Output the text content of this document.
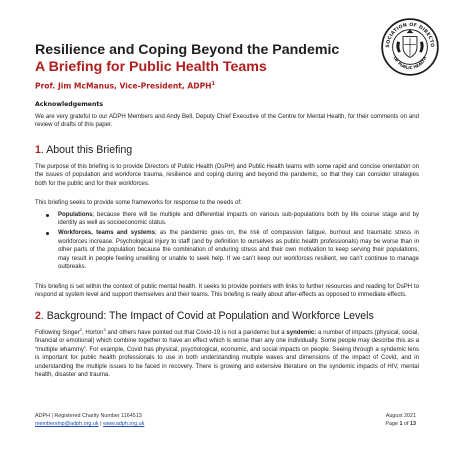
SOCIATION OF DIRECTO
OF PUBLIC HEALTH
Resilience and Coping Beyond the Pandemic
A Briefing for Public Health Teams
Prof. Jim McManus, Vice-President, ADPH$^1$
Acknowledgements

We are very grateful to our ADPH Members and Andy Bell, Deputy Chief Executive of the Centre for Mental Health, for their comments on and review of drafts of this paper.

1. About this Briefing

The purpose of this briefing is to provide Directors of Public Health (DsPH) and Public Health teams with some rapid and concise orientation on the issues of population and workforce trauma, resilience and coping during and beyond the pandemic, so that they can consider strategies both for the public and for their workforces.

This briefing seeks to provide some frameworks for response to the needs of:

Populations; because there will be multiple and differential impacts on various sub-populations both by life course stage and by identity as well as socioeconomic status.
Workforces, teams and systems; as the pandemic goes on, the risk of compassion fatigue, burnout and traumatic stress in workforces increase. Psychological injury to staff (and by definition to ourselves as public health professionals) may be worse than in other parts of the population because the combination of enduring stress and their own motivation to keep serving their populations, may result in people feeling unwilling or unable to seek help. If we can’t keep our workforces resilient, we can’t continue to manage outbreaks.

This briefing is set within the context of public mental health. It seeks to provide pointers with links to further resources and reading for DsPH to respond at system level and support themselves and their teams. This briefing is really about after-effects as opposed to immediate effects.

2. Background: The Impact of Covid at Population and Workforce Levels

Following Singer$^2$, Horton$^3$ and others have pointed out that Covid-19 is not a pandemic but a syndemic: a number of impacts (physical, social, financial or emotional) which combine together to have an effect which is worse than any one individually. Some people may describe this as a “multiple whammy”. For example, Covid has physical, psychological, economic, and social impacts on people. Seeing through a syndemic lens is important for public health professionals to use in both understanding multiple waves and dimensions of the impact of Covid, and in understanding the multiple issues to be faced in recovery. There is growing and extensive literature on the syndemic impacts of HIV, mental health, disaster and trauma.

ADPH | Registered Charity Number 1164513
membership@adph.org.uk | www.adph.org.uk
August 2021
Page 1 of 13
